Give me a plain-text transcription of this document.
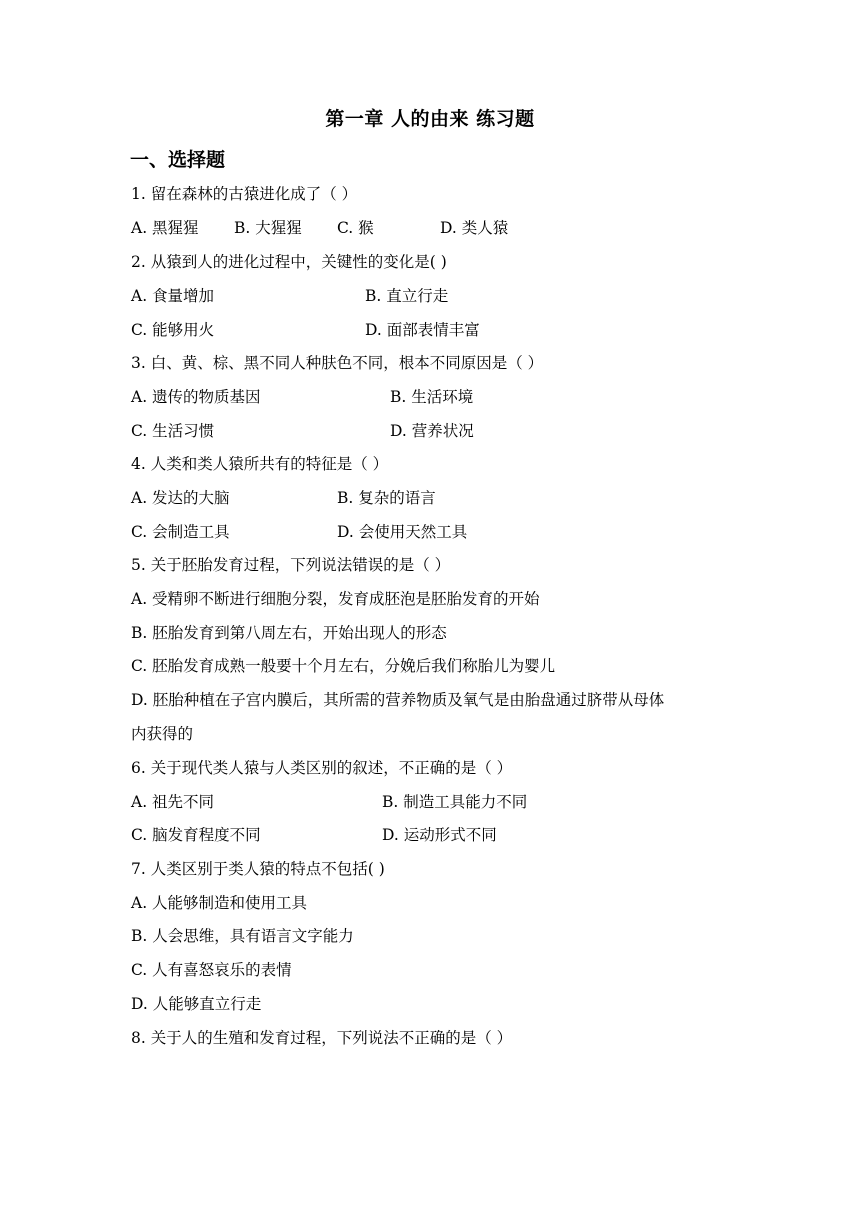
第一章 人的由来 练习题
一、选择题
1. 留在森林的古猿进化成了（ ）
A. 黑猩猩 B. 大猩猩 C. 猴	D. 类人猿
2. 从猿到人的进化过程中，关键性的变化是( )
A. 食量增加	B. 直立行走
C. 能够用火	D. 面部表情丰富
3. 白、黄、棕、黑不同人种肤色不同，根本不同原因是（ ）
A. 遗传的物质基因	B. 生活环境
C. 生活习惯	D. 营养状况
4. 人类和类人猿所共有的特征是（ ）
A. 发达的大脑	B. 复杂的语言
C. 会制造工具	D. 会使用天然工具
5. 关于胚胎发育过程，下列说法错误的是（ ）
A. 受精卵不断进行细胞分裂，发育成胚泡是胚胎发育的开始
B. 胚胎发育到第八周左右，开始出现人的形态
C. 胚胎发育成熟一般要十个月左右，分娩后我们称胎儿为婴儿
D. 胚胎种植在子宫内膜后，其所需的营养物质及氧气是由胎盘通过脐带从母体
内获得的
6. 关于现代类人猿与人类区别的叙述，不正确的是（ ）
A. 祖先不同	B. 制造工具能力不同
C. 脑发育程度不同	D. 运动形式不同
7. 人类区别于类人猿的特点不包括( )
A. 人能够制造和使用工具
B. 人会思维，具有语言文字能力
C. 人有喜怒哀乐的表情
D. 人能够直立行走
8. 关于人的生殖和发育过程，下列说法不正确的是（ ）
